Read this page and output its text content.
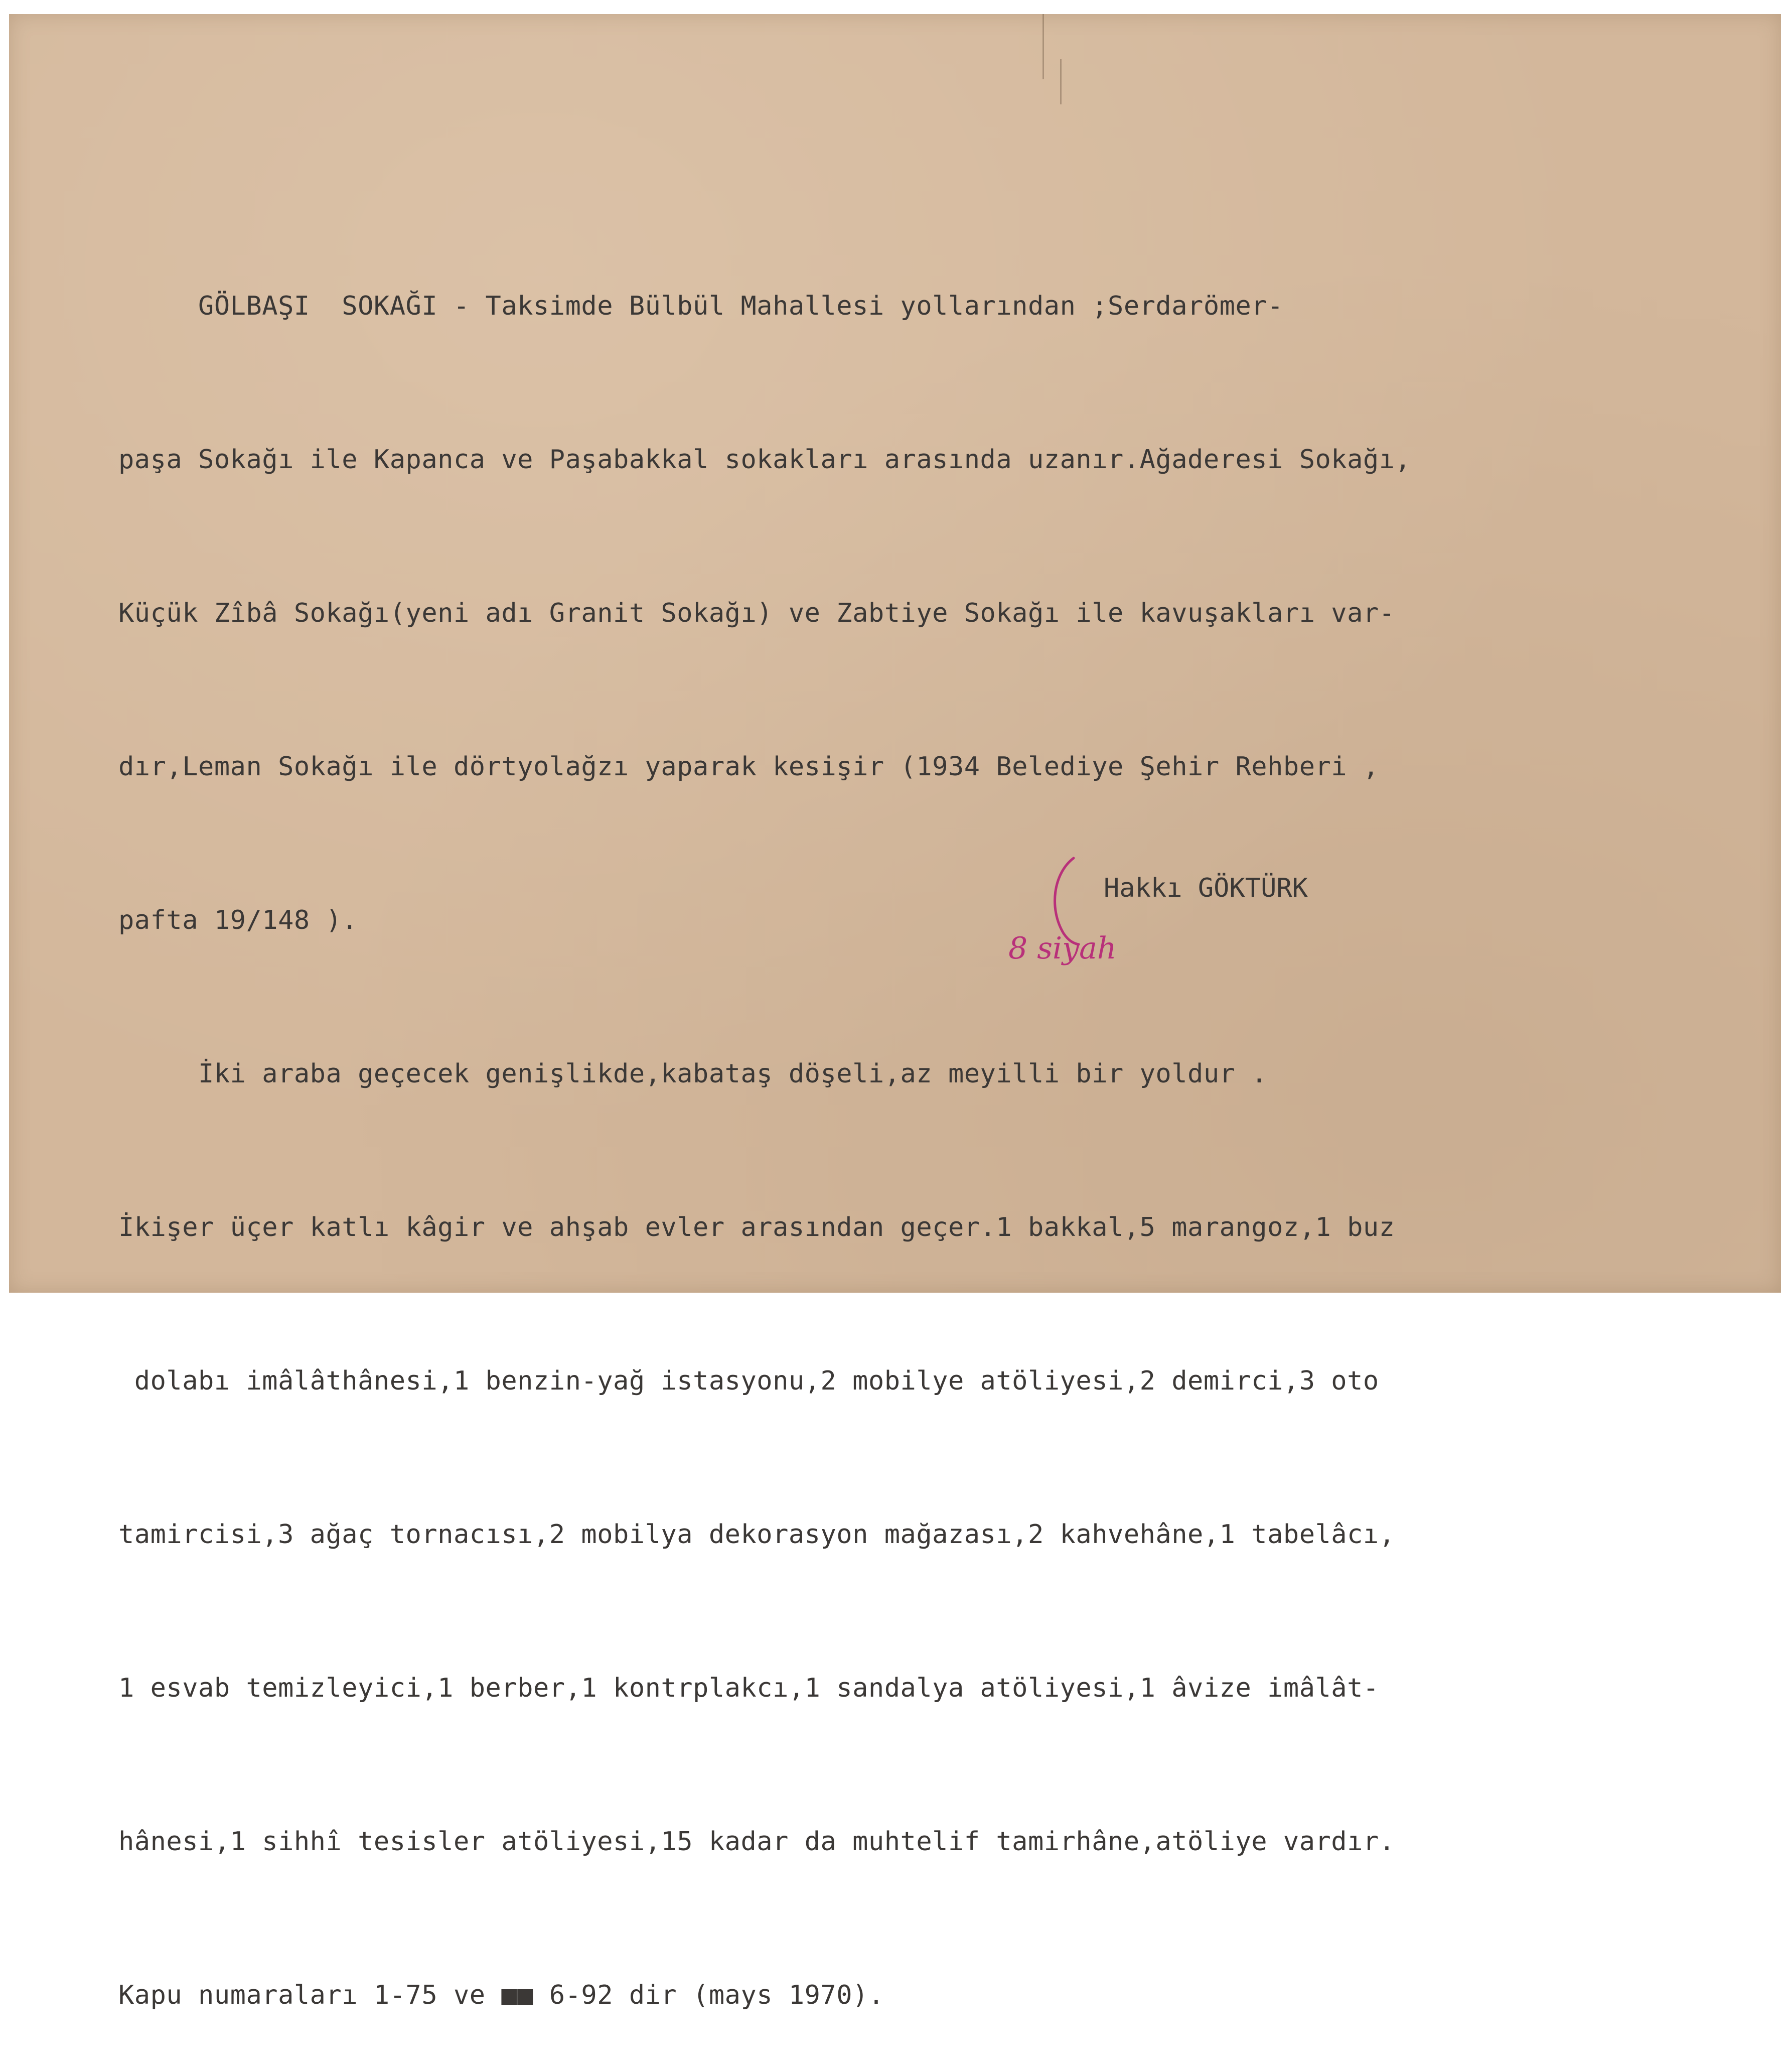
GÖLBAŞI  SOKAĞI - Taksimde Bülbül Mahallesi yollarından ;Serdarömer-

paşa Sokağı ile Kapanca ve Paşabakkal sokakları arasında uzanır.Ağaderesi Sokağı,

Küçük Zîbâ Sokağı(yeni adı Granit Sokağı) ve Zabtiye Sokağı ile kavuşakları var-

dır,Leman Sokağı ile dörtyolağzı yaparak kesişir (1934 Belediye Şehir Rehberi ,

pafta 19/148 ).

İki araba geçecek genişlikde,kabataş döşeli,az meyilli bir yoldur .

İkişer üçer katlı kâgir ve ahşab evler arasından geçer.1 bakkal,5 marangoz,1 buz

dolabı imâlâthânesi,1 benzin-yağ istasyonu,2 mobilye atöliyesi,2 demirci,3 oto

tamircisi,3 ağaç tornacısı,2 mobilya dekorasyon mağazası,2 kahvehâne,1 tabelâcı,

1 esvab temizleyici,1 berber,1 kontrplakcı,1 sandalya atöliyesi,1 âvize imâlât-

hânesi,1 sihhî tesisler atöliyesi,15 kadar da muhtelif tamirhâne,atöliye vardır.

Kapu numaraları 1-75 ve ■■ 6-92 dir (mays 1970).

Hakkı GÖKTÜRK
8 siyah
